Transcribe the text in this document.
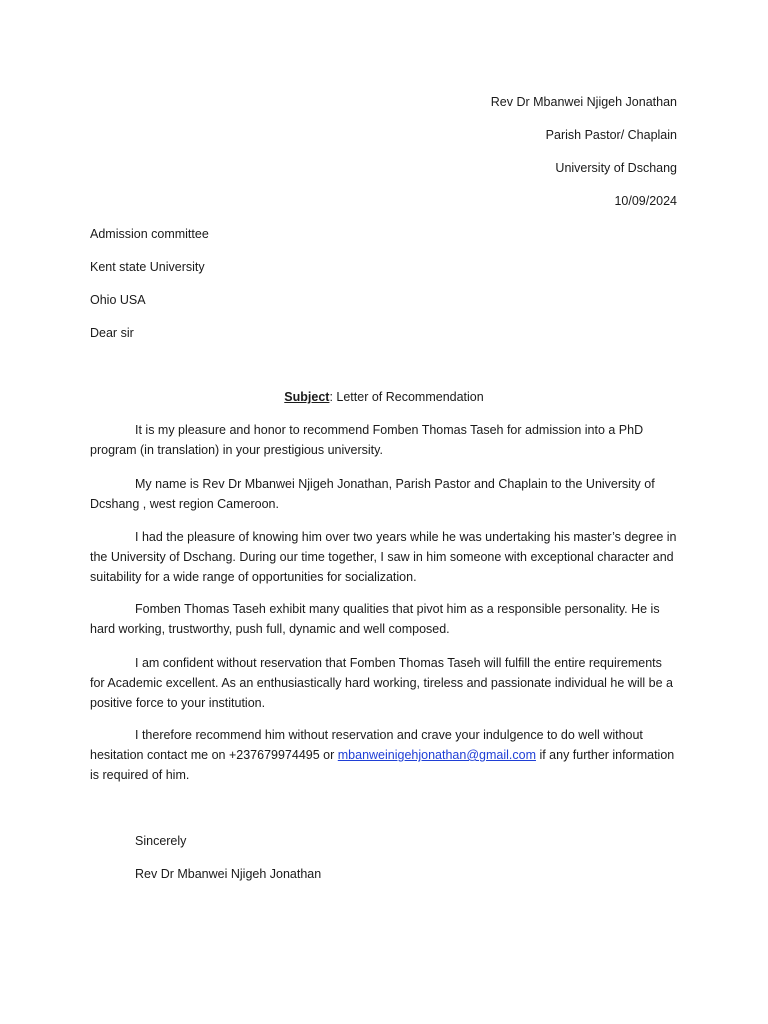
Rev Dr Mbanwei Njigeh Jonathan
Parish Pastor/ Chaplain
University of Dschang
10/09/2024
Admission committee
Kent state University
Ohio USA
Dear sir
Subject: Letter of Recommendation
It is my pleasure and honor to recommend Fomben Thomas Taseh for admission into a PhD program (in translation) in your prestigious university.
My name is Rev Dr Mbanwei Njigeh Jonathan, Parish Pastor and Chaplain to the University of Dcshang , west region Cameroon.
I had the pleasure of knowing him over two years while he was undertaking his master’s degree in the University of Dschang. During our time together, I saw in him someone with exceptional character and suitability for a wide range of opportunities for socialization.
Fomben Thomas Taseh exhibit many qualities that pivot him as a responsible personality. He is hard working, trustworthy, push full, dynamic and well composed.
I am confident without reservation that Fomben Thomas Taseh will fulfill the entire requirements for Academic excellent. As an enthusiastically hard working, tireless and passionate individual he will be a positive force to your institution.
I therefore recommend him without reservation and crave your indulgence to do well without hesitation contact me on +237679974495 or mbanweinigehjonathan@gmail.com if any further information is required of him.
Sincerely
Rev Dr Mbanwei Njigeh Jonathan
